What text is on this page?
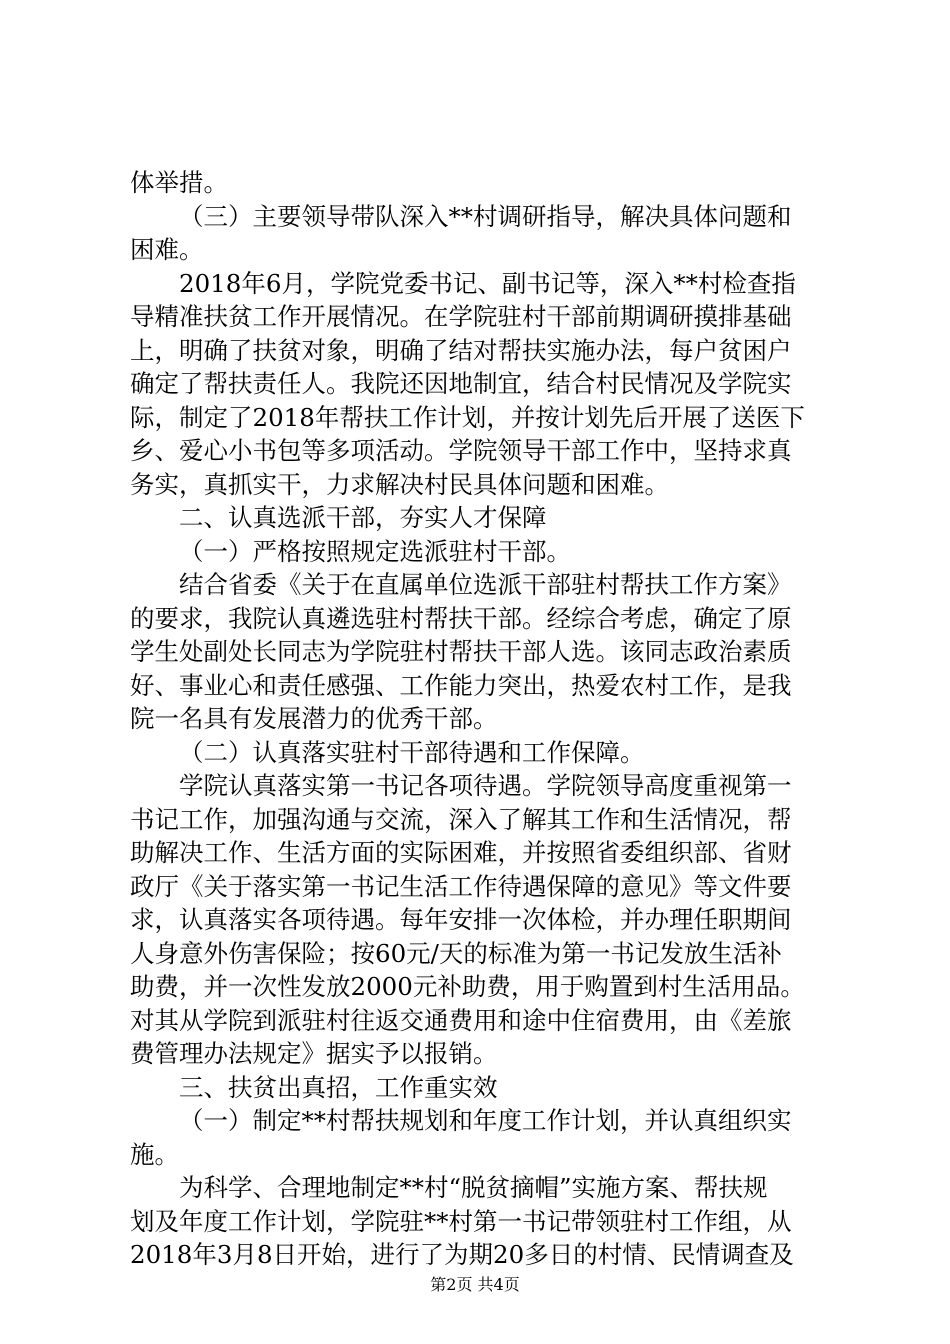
体举措。
（三）主要领导带队深入**村调研指导，解决具体问题和
困难。
2018年6月，学院党委书记、副书记等，深入**村检查指
导精准扶贫工作开展情况。在学院驻村干部前期调研摸排基础
上，明确了扶贫对象，明确了结对帮扶实施办法，每户贫困户
确定了帮扶责任人。我院还因地制宜，结合村民情况及学院实
际，制定了2018年帮扶工作计划，并按计划先后开展了送医下
乡、爱心小书包等多项活动。学院领导干部工作中，坚持求真
务实，真抓实干，力求解决村民具体问题和困难。
二、认真选派干部，夯实人才保障
（一）严格按照规定选派驻村干部。
结合省委《关于在直属单位选派干部驻村帮扶工作方案》
的要求，我院认真遴选驻村帮扶干部。经综合考虑，确定了原
学生处副处长同志为学院驻村帮扶干部人选。该同志政治素质
好、事业心和责任感强、工作能力突出，热爱农村工作，是我
院一名具有发展潜力的优秀干部。
（二）认真落实驻村干部待遇和工作保障。
学院认真落实第一书记各项待遇。学院领导高度重视第一
书记工作，加强沟通与交流，深入了解其工作和生活情况，帮
助解决工作、生活方面的实际困难，并按照省委组织部、省财
政厅《关于落实第一书记生活工作待遇保障的意见》等文件要
求，认真落实各项待遇。每年安排一次体检，并办理任职期间
人身意外伤害保险；按60元/天的标准为第一书记发放生活补
助费，并一次性发放2000元补助费，用于购置到村生活用品。
对其从学院到派驻村往返交通费用和途中住宿费用，由《差旅
费管理办法规定》据实予以报销。
三、扶贫出真招，工作重实效
（一）制定**村帮扶规划和年度工作计划，并认真组织实
施。
为科学、合理地制定**村“脱贫摘帽”实施方案、帮扶规
划及年度工作计划，学院驻**村第一书记带领驻村工作组，从
2018年3月8日开始，进行了为期20多日的村情、民情调查及
第2页 共4页
